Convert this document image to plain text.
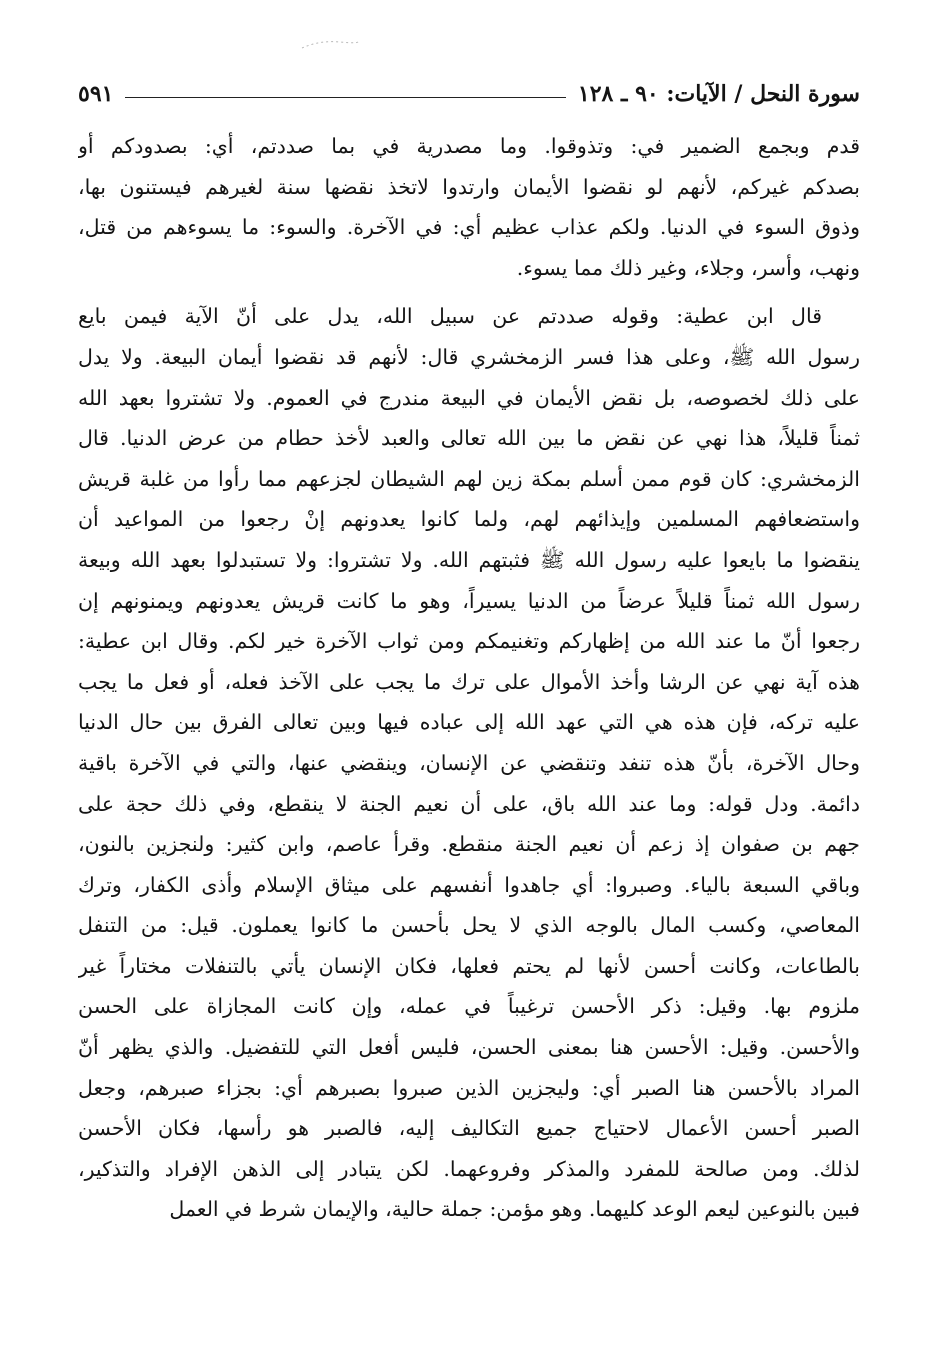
سورة النحل / الآيات: ٩٠ ـ ١٢٨
٥٩١
قدم وبجمع الضمير في: وتذوقوا. وما مصدرية في بما صددتم، أي: بصدودكم أو
بصدكم غيركم، لأنهم لو نقضوا الأيمان وارتدوا لاتخذ نقضها سنة لغيرهم فيستنون بها،
وذوق السوء في الدنيا. ولكم عذاب عظيم أي: في الآخرة. والسوء: ما يسوءهم من قتل،
ونهب، وأسر، وجلاء، وغير ذلك مما يسوء.
قال ابن عطية: وقوله صددتم عن سبيل الله، يدل على أنّ الآية فيمن بايع
رسول الله ﷺ، وعلى هذا فسر الزمخشري قال: لأنهم قد نقضوا أيمان البيعة. ولا يدل
على ذلك لخصوصه، بل نقض الأيمان في البيعة مندرج في العموم. ولا تشتروا بعهد الله
ثمناً قليلاً، هذا نهي عن نقض ما بين الله تعالى والعبد لأخذ حطام من عرض الدنيا. قال
الزمخشري: كان قوم ممن أسلم بمكة زين لهم الشيطان لجزعهم مما رأوا من غلبة قريش
واستضعافهم المسلمين وإيذائهم لهم، ولما كانوا يعدونهم إنْ رجعوا من المواعيد أن
ينقضوا ما بايعوا عليه رسول الله ﷺ فثبتهم الله. ولا تشتروا: ولا تستبدلوا بعهد الله وبيعة
رسول الله ثمناً قليلاً عرضاً من الدنيا يسيراً، وهو ما كانت قريش يعدونهم ويمنونهم إن
رجعوا أنّ ما عند الله من إظهاركم وتغنيمكم ومن ثواب الآخرة خير لكم. وقال ابن عطية:
هذه آية نهي عن الرشا وأخذ الأموال على ترك ما يجب على الآخذ فعله، أو فعل ما يجب
عليه تركه، فإن هذه هي التي عهد الله إلى عباده فيها وبين تعالى الفرق بين حال الدنيا
وحال الآخرة، بأنّ هذه تنفد وتنقضي عن الإنسان، وينقضي عنها، والتي في الآخرة باقية
دائمة. ودل قوله: وما عند الله باق، على أن نعيم الجنة لا ينقطع، وفي ذلك حجة على
جهم بن صفوان إذ زعم أن نعيم الجنة منقطع. وقرأ عاصم، وابن كثير: ولنجزين بالنون،
وباقي السبعة بالياء. وصبروا: أي جاهدوا أنفسهم على ميثاق الإسلام وأذى الكفار، وترك
المعاصي، وكسب المال بالوجه الذي لا يحل بأحسن ما كانوا يعملون. قيل: من التنفل
بالطاعات، وكانت أحسن لأنها لم يحتم فعلها، فكان الإنسان يأتي بالتنفلات مختاراً غير
ملزوم بها. وقيل: ذكر الأحسن ترغيباً في عمله، وإن كانت المجازاة على الحسن
والأحسن. وقيل: الأحسن هنا بمعنى الحسن، فليس أفعل التي للتفضيل. والذي يظهر أنّ
المراد بالأحسن هنا الصبر أي: وليجزين الذين صبروا بصبرهم أي: بجزاء صبرهم، وجعل
الصبر أحسن الأعمال لاحتياج جميع التكاليف إليه، فالصبر هو رأسها، فكان الأحسن
لذلك. ومن صالحة للمفرد والمذكر وفروعهما. لكن يتبادر إلى الذهن الإفراد والتذكير،
فبين بالنوعين ليعم الوعد كليهما. وهو مؤمن: جملة حالية، والإيمان شرط في العمل
